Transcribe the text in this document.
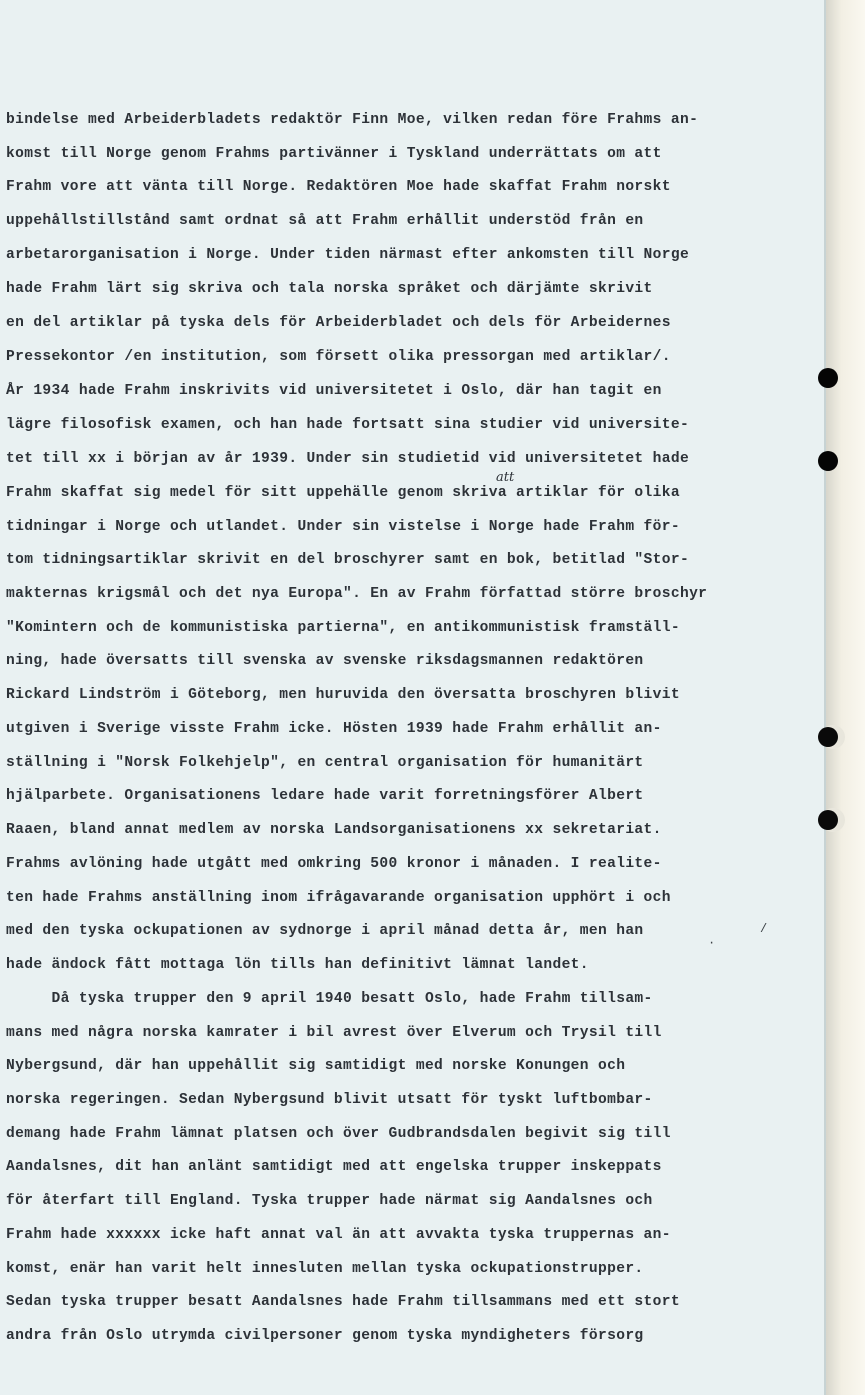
att
·
/
bindelse med Arbeiderbladets redaktör Finn Moe, vilken redan före Frahms an-
komst till Norge genom Frahms partivänner i Tyskland underrättats om att
Frahm vore att vänta till Norge. Redaktören Moe hade skaffat Frahm norskt
uppehållstillstånd samt ordnat så att Frahm erhållit understöd från en
arbetarorganisation i Norge. Under tiden närmast efter ankomsten till Norge
hade Frahm lärt sig skriva och tala norska språket och därjämte skrivit
en del artiklar på tyska dels för Arbeiderbladet och dels för Arbeidernes
Pressekontor /en institution, som försett olika pressorgan med artiklar/.
År 1934 hade Frahm inskrivits vid universitetet i Oslo, där han tagit en
lägre filosofisk examen, och han hade fortsatt sina studier vid universite-
tet till xx i början av år 1939. Under sin studietid vid universitetet hade
Frahm skaffat sig medel för sitt uppehälle genom skriva artiklar för olika
tidningar i Norge och utlandet. Under sin vistelse i Norge hade Frahm för-
tom tidningsartiklar skrivit en del broschyrer samt en bok, betitlad "Stor-
makternas krigsmål och det nya Europa". En av Frahm författad större broschyr
"Komintern och de kommunistiska partierna", en antikommunistisk framställ-
ning, hade översatts till svenska av svenske riksdagsmannen redaktören
Rickard Lindström i Göteborg, men huruvida den översatta broschyren blivit
utgiven i Sverige visste Frahm icke. Hösten 1939 hade Frahm erhållit an-
ställning i "Norsk Folkehjelp", en central organisation för humanitärt
hjälparbete. Organisationens ledare hade varit forretningsförer Albert
Raaen, bland annat medlem av norska Landsorganisationens xx sekretariat.
Frahms avlöning hade utgått med omkring 500 kronor i månaden. I realite-
ten hade Frahms anställning inom ifrågavarande organisation upphört i och
med den tyska ockupationen av sydnorge i april månad detta år, men han
hade ändock fått mottaga lön tills han definitivt lämnat landet.
Då tyska trupper den 9 april 1940 besatt Oslo, hade Frahm tillsam-
mans med några norska kamrater i bil avrest över Elverum och Trysil till
Nybergsund, där han uppehållit sig samtidigt med norske Konungen och
norska regeringen. Sedan Nybergsund blivit utsatt för tyskt luftbombar-
demang hade Frahm lämnat platsen och över Gudbrandsdalen begivit sig till
Aandalsnes, dit han anlänt samtidigt med att engelska trupper inskeppats
för återfart till England. Tyska trupper hade närmat sig Aandalsnes och
Frahm hade xxxxxx icke haft annat val än att avvakta tyska truppernas an-
komst, enär han varit helt innesluten mellan tyska ockupationstrupper.
Sedan tyska trupper besatt Aandalsnes hade Frahm tillsammans med ett stort
andra från Oslo utrymda civilpersoner genom tyska myndigheters försorg
